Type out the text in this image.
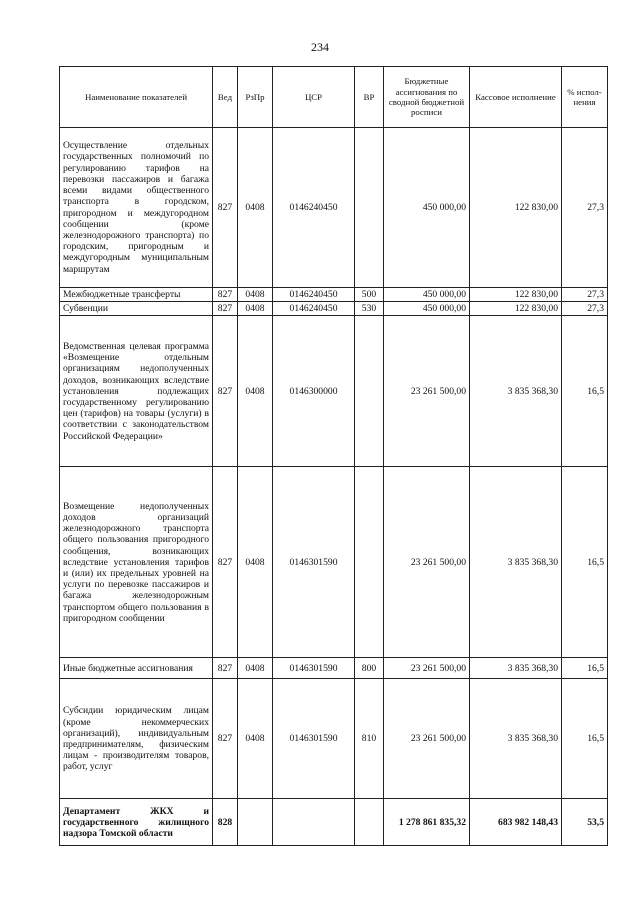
234
Наименование показателей	Вед	РзПр	ЦСР	ВР	Бюджетные ассигнования по сводной бюджетной росписи	Кассовое исполнение	% испол-нения
Осуществление отдельных государственных полномочий по регулированию тарифов на перевозки пассажиров и багажа всеми видами общественного транспорта в городском, пригородном и междугородном сообщении (кроме железнодорожного транспорта) по городским, пригородным и междугородным муниципальным маршрутам	827	0408	0146240450		450 000,00	122 830,00	27,3
Межбюджетные трансферты	827	0408	0146240450	500	450 000,00	122 830,00	27,3
Субвенции	827	0408	0146240450	530	450 000,00	122 830,00	27,3
Ведомственная целевая программа «Возмещение отдельным организациям недополученных доходов, возникающих вследствие установления подлежащих государственному регулированию цен (тарифов) на товары (услуги) в соответствии с законодательством Российской Федерации»	827	0408	0146300000		23 261 500,00	3 835 368,30	16,5
Возмещение недополученных доходов организаций железнодорожного транспорта общего пользования пригородного сообщения, возникающих вследствие установления тарифов и (или) их предельных уровней на услуги по перевозке пассажиров и багажа железнодорожным транспортом общего пользования в пригородном сообщении	827	0408	0146301590		23 261 500,00	3 835 368,30	16,5
Иные бюджетные ассигнования	827	0408	0146301590	800	23 261 500,00	3 835 368,30	16,5
Субсидии юридическим лицам (кроме некоммерческих организаций), индивидуальным предпринимателям, физическим лицам - производителям товаров, работ, услуг	827	0408	0146301590	810	23 261 500,00	3 835 368,30	16,5
Департамент ЖКХ и государственного жилищного надзора Томской области	828				1 278 861 835,32	683 982 148,43	53,5
